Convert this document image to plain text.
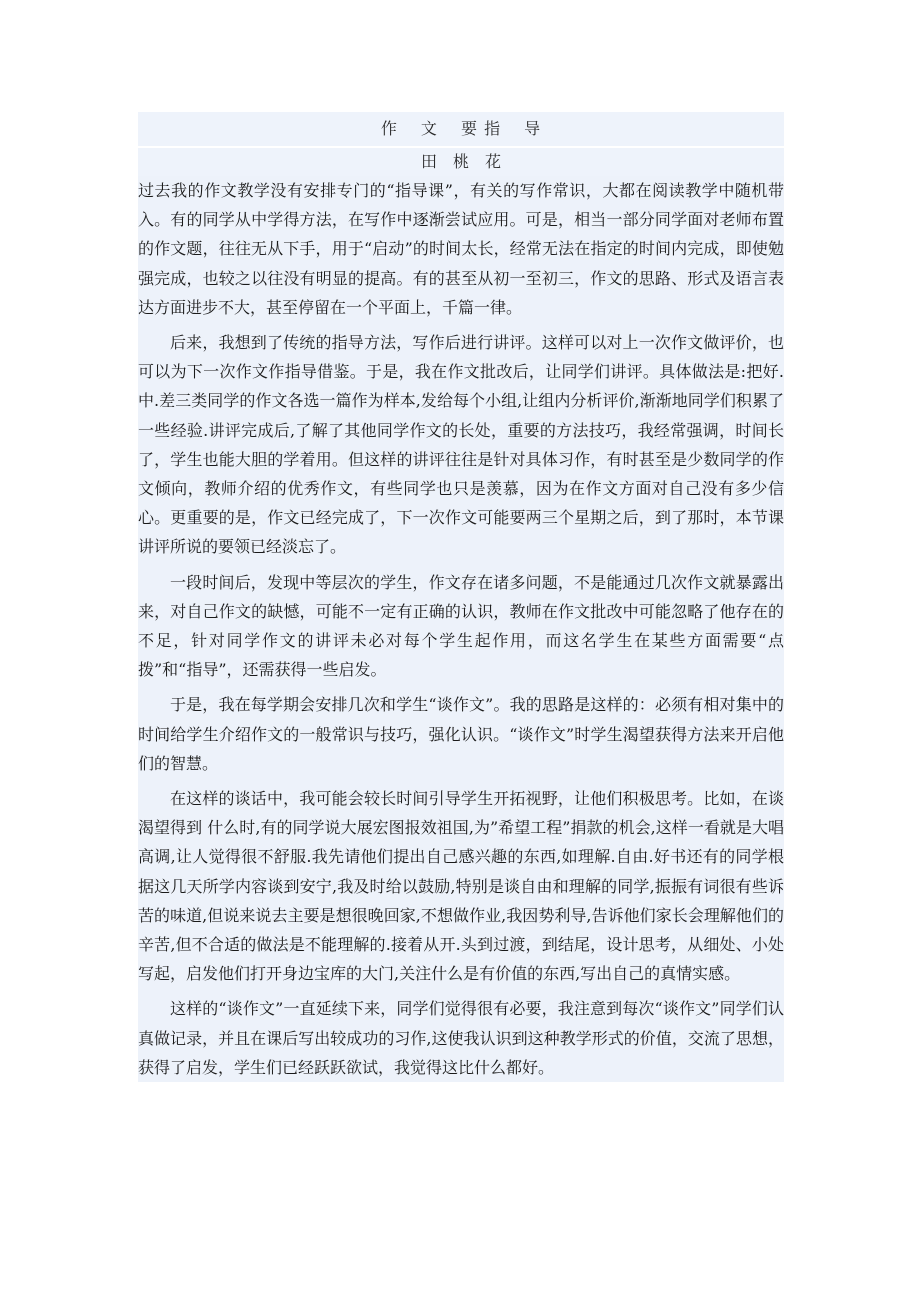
作　 文　 要 指　 导
田　桃　花

过去我的作文教学没有安排专门的“指导课”，有关的写作常识，大都在阅读教学中随机带入。有的同学从中学得方法，在写作中逐渐尝试应用。可是，相当一部分同学面对老师布置的作文题，往往无从下手，用于“启动”的时间太长，经常无法在指定的时间内完成，即使勉强完成，也较之以往没有明显的提高。有的甚至从初一至初三，作文的思路、形式及语言表达方面进步不大，甚至停留在一个平面上，千篇一律。

后来，我想到了传统的指导方法，写作后进行讲评。这样可以对上一次作文做评价，也可以为下一次作文作指导借鉴。于是，我在作文批改后，让同学们讲评。具体做法是:把好.中.差三类同学的作文各选一篇作为样本,发给每个小组,让组内分析评价,渐渐地同学们积累了一些经验.讲评完成后,了解了其他同学作文的长处，重要的方法技巧，我经常强调，时间长了，学生也能大胆的学着用。但这样的讲评往往是针对具体习作，有时甚至是少数同学的作文倾向，教师介绍的优秀作文，有些同学也只是羡慕，因为在作文方面对自己没有多少信心。更重要的是，作文已经完成了，下一次作文可能要两三个星期之后，到了那时，本节课讲评所说的要领已经淡忘了。

一段时间后，发现中等层次的学生，作文存在诸多问题，不是能通过几次作文就暴露出来，对自己作文的缺憾，可能不一定有正确的认识，教师在作文批改中可能忽略了他存在的不足，针对同学作文的讲评未必对每个学生起作用，而这名学生在某些方面需要“点拨”和“指导”，还需获得一些启发。

于是，我在每学期会安排几次和学生“谈作文”。我的思路是这样的：必须有相对集中的时间给学生介绍作文的一般常识与技巧，强化认识。“谈作文”时学生渴望获得方法来开启他们的智慧。

在这样的谈话中，我可能会较长时间引导学生开拓视野，让他们积极思考。比如，在谈渴望得到 什么时,有的同学说大展宏图报效祖国,为”希望工程”捐款的机会,这样一看就是大唱高调,让人觉得很不舒服.我先请他们提出自己感兴趣的东西,如理解.自由.好书还有的同学根据这几天所学内容谈到安宁,我及时给以鼓励,特别是谈自由和理解的同学,振振有词很有些诉苦的味道,但说来说去主要是想很晚回家,不想做作业,我因势利导,告诉他们家长会理解他们的辛苦,但不合适的做法是不能理解的.接着从开.头到过渡，到结尾，设计思考，从细处、小处写起，启发他们打开身边宝库的大门,关注什么是有价值的东西,写出自己的真情实感。

这样的“谈作文”一直延续下来，同学们觉得很有必要，我注意到每次“谈作文”同学们认真做记录，并且在课后写出较成功的习作,这使我认识到这种教学形式的价值，交流了思想，获得了启发，学生们已经跃跃欲试，我觉得这比什么都好。
